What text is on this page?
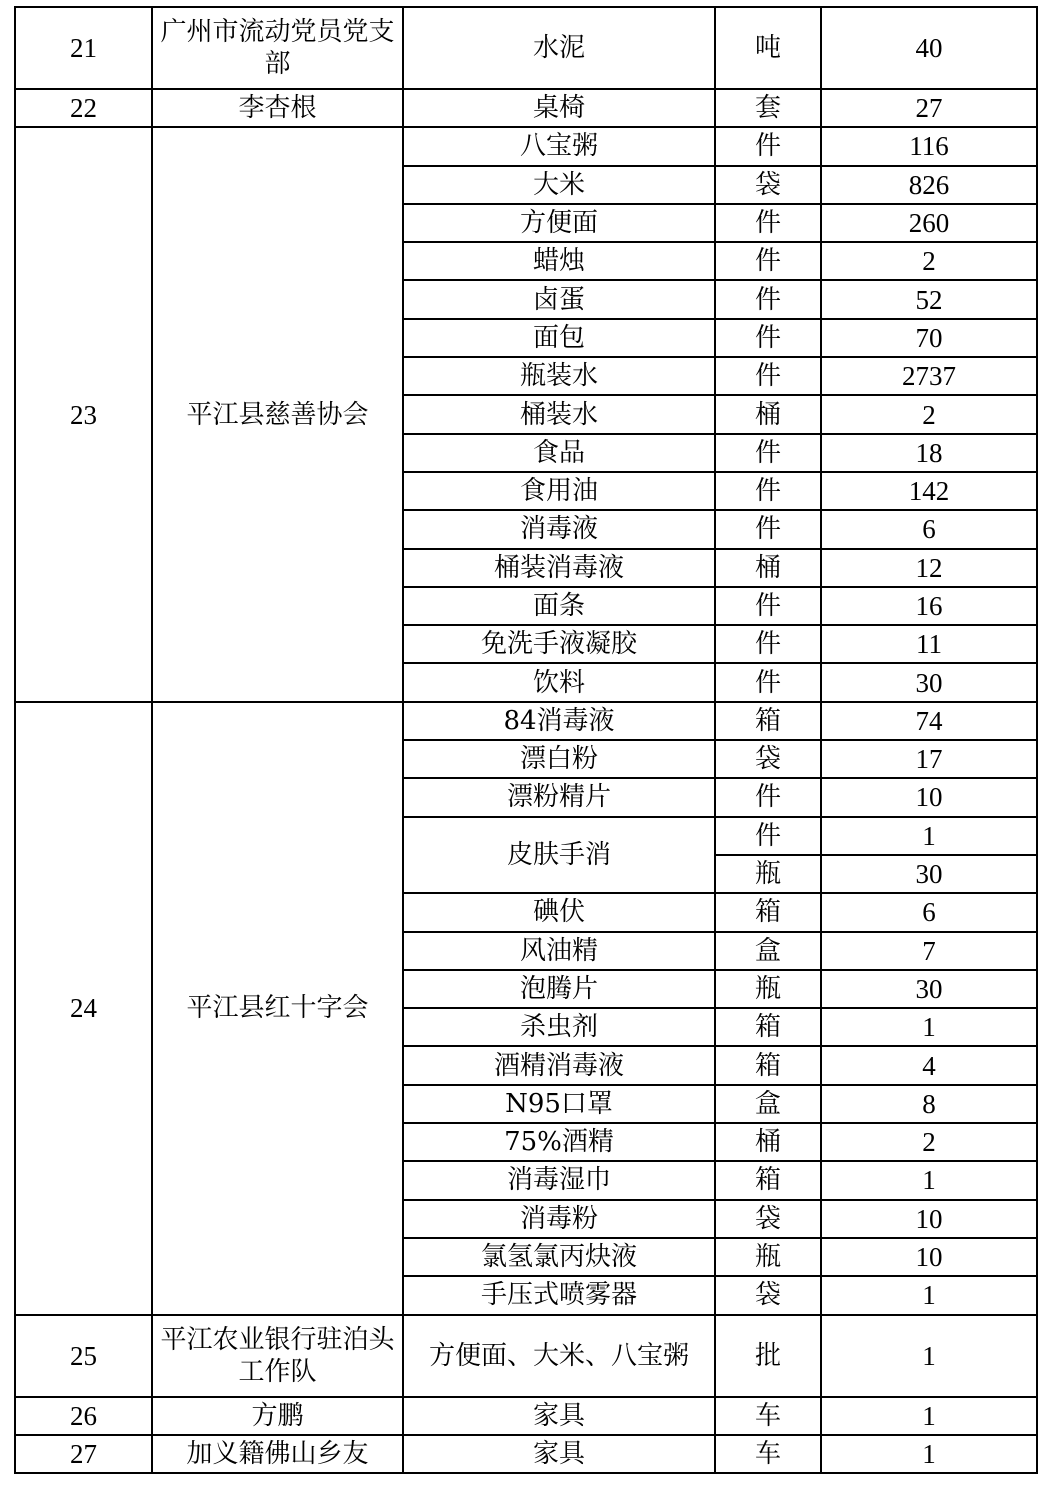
21	广州市流动党员党支部	水泥	吨	40
22	李杏根	桌椅	套	27
23	平江县慈善协会	八宝粥	件	116
		大米	袋	826
		方便面	件	260
		蜡烛	件	2
		卤蛋	件	52
		面包	件	70
		瓶装水	件	2737
		桶装水	桶	2
		食品	件	18
		食用油	件	142
		消毒液	件	6
		桶装消毒液	桶	12
		面条	件	16
		免洗手液凝胶	件	11
		饮料	件	30
24	平江县红十字会	84消毒液	箱	74
		漂白粉	袋	17
		漂粉精片	件	10
		皮肤手消	件	1
			瓶	30
		碘伏	箱	6
		风油精	盒	7
		泡腾片	瓶	30
		杀虫剂	箱	1
		酒精消毒液	箱	4
		N95口罩	盒	8
		75%酒精	桶	2
		消毒湿巾	箱	1
		消毒粉	袋	10
		氯氢氯丙炔液	瓶	10
		手压式喷雾器	袋	1
25	平江农业银行驻泊头工作队	方便面、大米、八宝粥	批	1
26	方鹏	家具	车	1
27	加义籍佛山乡友	家具	车	1
